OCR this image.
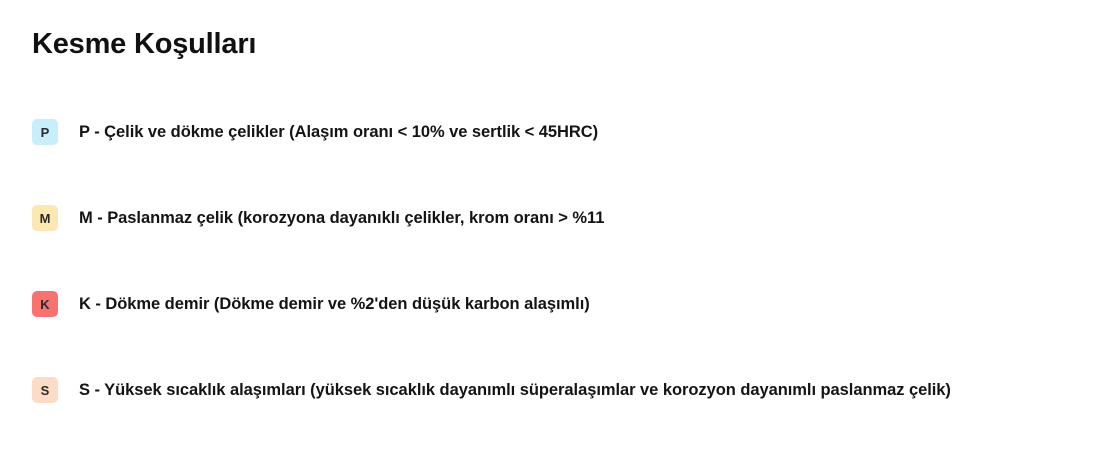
Kesme Koşulları
P	P - Çelik ve dökme çelikler (Alaşım oranı < 10% ve sertlik < 45HRC)
M	M - Paslanmaz çelik (korozyona dayanıklı çelikler, krom oranı > %11
K	K - Dökme demir (Dökme demir ve %2'den düşük karbon alaşımlı)
S	S - Yüksek sıcaklık alaşımları (yüksek sıcaklık dayanımlı süperalaşımlar ve korozyon dayanımlı paslanmaz çelik)
